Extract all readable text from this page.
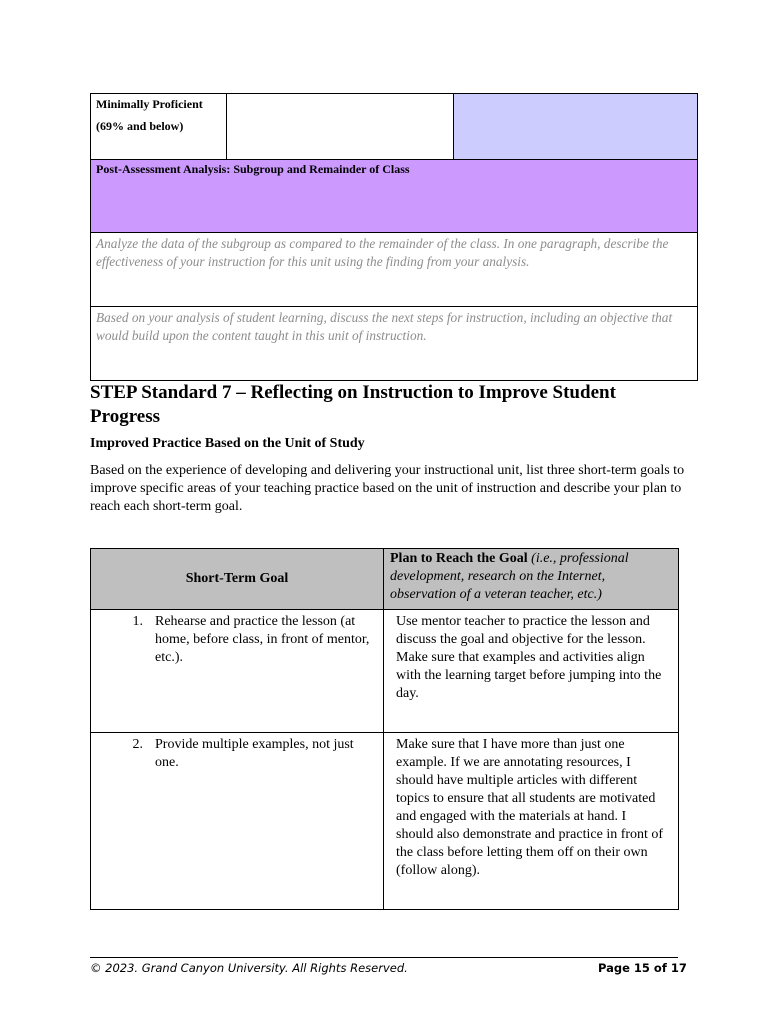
Minimally Proficient
(69% and below)

Post-Assessment Analysis: Subgroup and Remainder of Class

Analyze the data of the subgroup as compared to the remainder of the class. In one paragraph, describe the effectiveness of your instruction for this unit using the finding from your analysis.

Based on your analysis of student learning, discuss the next steps for instruction, including an objective that would build upon the content taught in this unit of instruction.
STEP Standard 7 – Reflecting on Instruction to Improve Student Progress
Improved Practice Based on the Unit of Study
Based on the experience of developing and delivering your instructional unit, list three short-term goals to improve specific areas of your teaching practice based on the unit of instruction and describe your plan to reach each short-term goal.
Short-Term Goal	Plan to Reach the Goal (i.e., professional development, research on the Internet, observation of a veteran teacher, etc.)

1. Rehearse and practice the lesson (at home, before class, in front of mentor, etc.).	Use mentor teacher to practice the lesson and discuss the goal and objective for the lesson. Make sure that examples and activities align with the learning target before jumping into the day.

2. Provide multiple examples, not just one.	Make sure that I have more than just one example. If we are annotating resources, I should have multiple articles with different topics to ensure that all students are motivated and engaged with the materials at hand. I should also demonstrate and practice in front of the class before letting them off on their own (follow along).
© 2023. Grand Canyon University. All Rights Reserved.	Page 15 of 17
